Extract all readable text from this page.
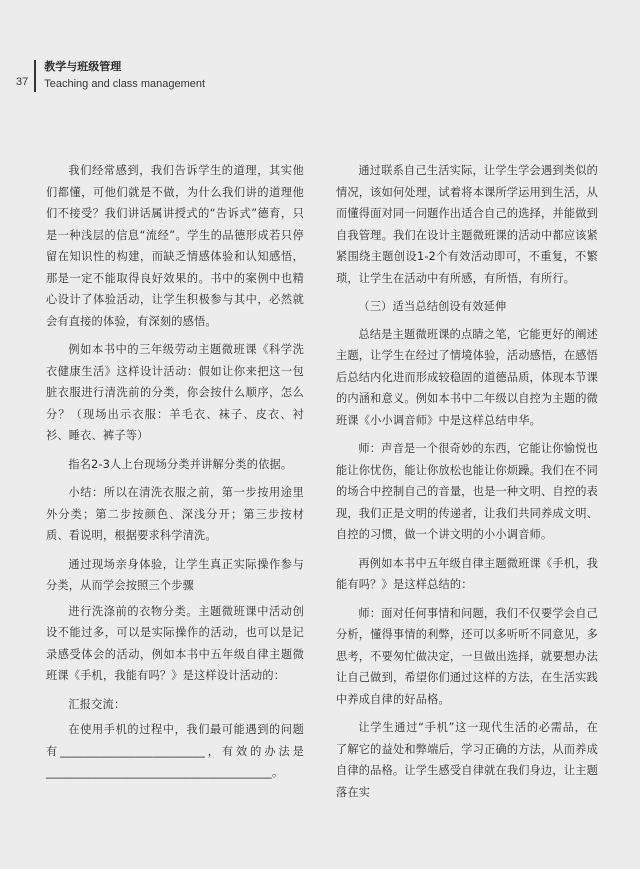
37
教学与班级管理
Teaching and class management

我们经常感到，我们告诉学生的道理，其实他们都懂，可他们就是不做，为什么我们讲的道理他们不接受？我们讲话属讲授式的“告诉式”德育，只是一种浅层的信息“流经”。学生的品德形成若只停留在知识性的构建，而缺乏情感体验和认知感悟，那是一定不能取得良好效果的。书中的案例中也精心设计了体验活动，让学生积极参与其中，必然就会有直接的体验，有深刻的感悟。

例如本书中的三年级劳动主题微班课《科学洗衣健康生活》这样设计活动：假如让你来把这一包脏衣服进行清洗前的分类，你会按什么顺序，怎么分？（现场出示衣服：羊毛衣、袜子、皮衣、衬衫、睡衣、裤子等）

指名2-3人上台现场分类并讲解分类的依据。

小结：所以在清洗衣服之前，第一步按用途里外分类；第二步按颜色、深浅分开；第三步按材质、看说明，根据要求科学清洗。

通过现场亲身体验，让学生真正实际操作参与分类，从而学会按照三个步骤

进行洗涤前的衣物分类。主题微班课中活动创设不能过多，可以是实际操作的活动，也可以是记录感受体会的活动，例如本书中五年级自律主题微班课《手机，我能有吗？》是这样设计活动的：

汇报交流：

在使用手机的过程中，我们最可能遇到的问题有_________________________，有效的办法是_______________________________________。

通过联系自己生活实际，让学生学会遇到类似的情况，该如何处理，试着将本课所学运用到生活，从而懂得面对同一问题作出适合自己的选择，并能做到自我管理。我们在设计主题微班课的活动中都应该紧紧围绕主题创设1-2个有效活动即可，不重复，不繁琐，让学生在活动中有所感，有所悟，有所行。

（三）适当总结创设有效延伸

总结是主题微班课的点睛之笔，它能更好的阐述主题，让学生在经过了情境体验，活动感悟，在感悟后总结内化进而形成较稳固的道德品质，体现本节课的内涵和意义。例如本书中二年级以自控为主题的微班课《小小调音师》中是这样总结申华。

师：声音是一个很奇妙的东西，它能让你愉悦也能让你忧伤，能让你放松也能让你烦躁。我们在不同的场合中控制自己的音量，也是一种文明、自控的表现，我们正是文明的传递者，让我们共同养成文明、自控的习惯，做一个讲文明的小小调音师。

再例如本书中五年级自律主题微班课《手机，我能有吗？》是这样总结的：

师：面对任何事情和问题，我们不仅要学会自己分析，懂得事情的利弊，还可以多听听不同意见，多思考，不要匆忙做决定，一旦做出选择，就要想办法让自己做到，希望你们通过这样的方法，在生活实践中养成自律的好品格。

让学生通过“手机”这一现代生活的必需品，在了解它的益处和弊端后，学习正确的方法，从而养成自律的品格。让学生感受自律就在我们身边，让主题落在实
